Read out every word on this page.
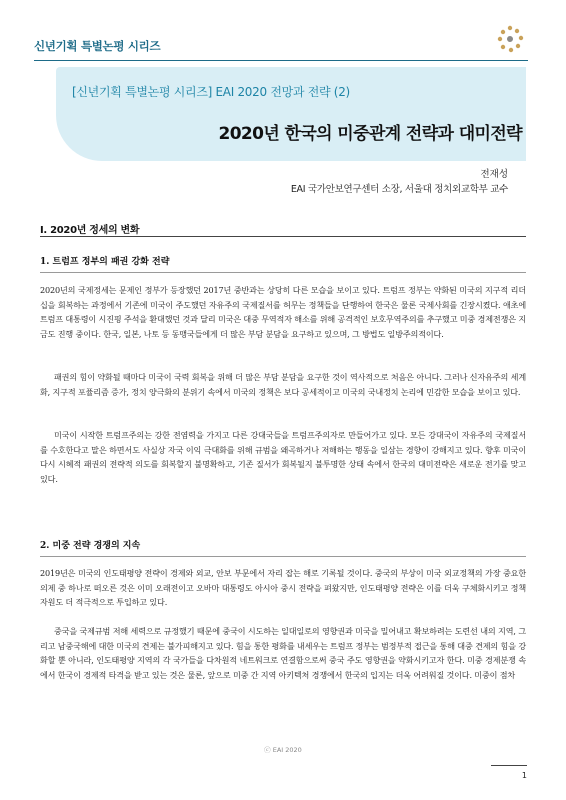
신년기획 특별논평 시리즈
[신년기획 특별논평 시리즈] EAI 2020 전망과 전략 (2)
2020년 한국의 미중관계 전략과 대미전략
전재성
EAI 국가안보연구센터 소장, 서울대 정치외교학부 교수
I. 2020년 정세의 변화
1. 트럼프 정부의 패권 강화 전략

2020년의 국제정세는 문제인 정부가 등장했던 2017년 중반과는 상당히 다른 모습을 보이고 있다. 트럼프 정부는 약화된 미국의 지구적 리더십을 회복하는 과정에서 기존에 미국이 주도했던 자유주의 국제질서를 허무는 정책들을 단행하여 한국은 물론 국제사회를 긴장시켰다. 애초에 트럼프 대통령이 시진핑 주석을 환대했던 것과 달리 미국은 대중 무역적자 해소를 위해 공격적인 보호무역주의를 추구했고 미중 경제전쟁은 지금도 진행 중이다. 한국, 일본, 나토 등 동맹국들에게 더 많은 부담 분담을 요구하고 있으며, 그 방법도 일방주의적이다.

패권의 힘이 약화될 때마다 미국이 국력 회복을 위해 더 많은 부담 분담을 요구한 것이 역사적으로 처음은 아니다. 그러나 신자유주의 세계화, 지구적 포퓰리즘 증가, 정치 양극화의 분위기 속에서 미국의 정책은 보다 공세적이고 미국의 국내정치 논리에 민감한 모습을 보이고 있다.

미국이 시작한 트럼프주의는 강한 전염력을 가지고 다른 강대국들을 트럼프주의자로 만들어가고 있다. 모든 강대국이 자유주의 국제질서를 수호한다고 말은 하면서도 사실상 자국 이익 극대화를 위해 규범을 왜곡하거나 저해하는 행동을 일삼는 경향이 강해지고 있다. 향후 미국이 다시 시혜적 패권의 전략적 의도를 회복할지 불명확하고, 기존 질서가 회복될지 불투명한 상태 속에서 한국의 대미전략은 새로운 전기를 맞고 있다.

2. 미중 전략 경쟁의 지속

2019년은 미국의 인도태평양 전략이 경제와 외교, 안보 부문에서 자리 잡는 해로 기록될 것이다. 중국의 부상이 미국 외교정책의 가장 중요한 의제 중 하나로 떠오른 것은 이미 오래전이고 오바마 대통령도 아시아 중시 전략을 펴왔지만, 인도태평양 전략은 이를 더욱 구체화시키고 정책 자원도 더 적극적으로 투입하고 있다.

중국을 국제규범 저해 세력으로 규정했기 때문에 중국이 시도하는 일대일로의 영향권과 미국을 밀어내고 확보하려는 도련선 내의 지역, 그리고 남중국해에 대한 미국의 견제는 불가피해지고 있다. 힘을 통한 평화를 내세우는 트럼프 정부는 범정부적 접근을 통해 대중 견제의 힘을 강화할 뿐 아니라, 인도태평양 지역의 각 국가들을 다차원적 네트워크로 연결함으로써 중국 주도 영향권을 약화시키고자 한다. 미중 경제분쟁 속에서 한국이 경제적 타격을 받고 있는 것은 물론, 앞으로 미중 간 지역 아키텍처 경쟁에서 한국의 입지는 더욱 어려워질 것이다. 미중이 점차

ⓒ EAI 2020
1
